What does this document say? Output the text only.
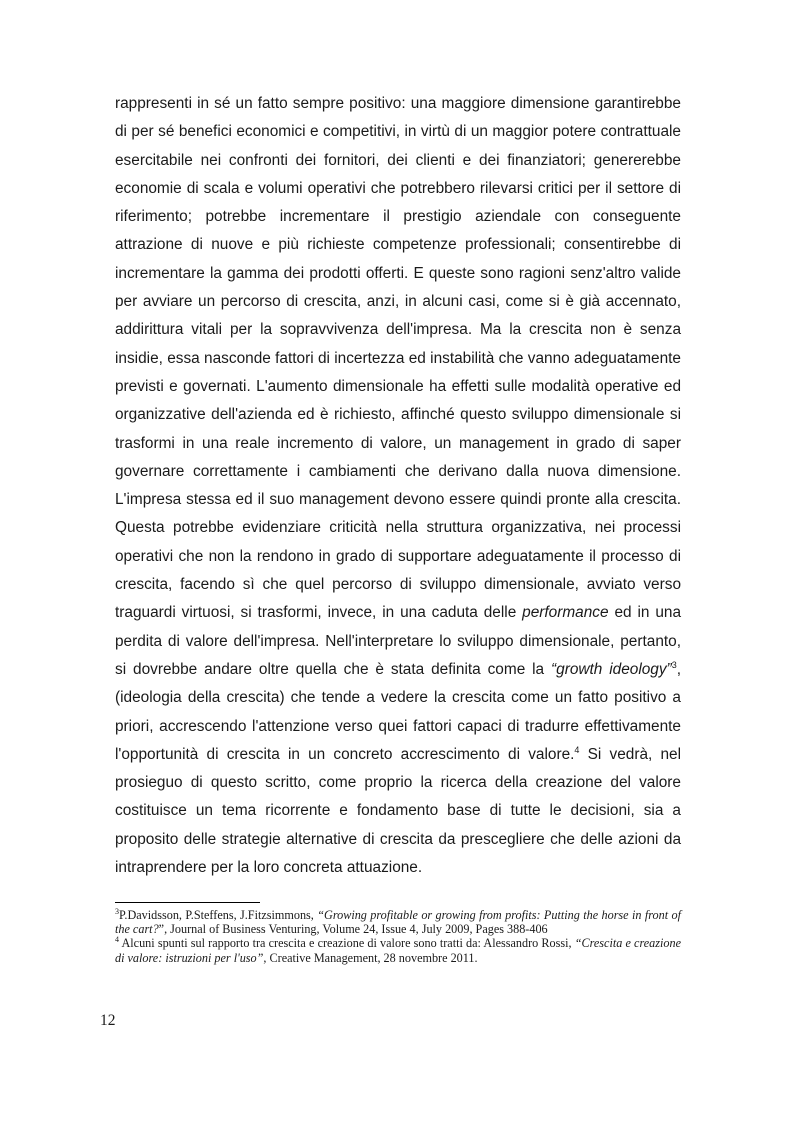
rappresenti in sé un fatto sempre positivo: una maggiore dimensione garantirebbe di per sé benefici economici e competitivi, in virtù di un maggior potere contrattuale esercitabile nei confronti dei fornitori, dei clienti e dei finanziatori; genererebbe economie di scala e volumi operativi che potrebbero rilevarsi critici per il settore di riferimento; potrebbe incrementare il prestigio aziendale con conseguente attrazione di nuove e più richieste competenze professionali; consentirebbe di incrementare la gamma dei prodotti offerti. E queste sono ragioni senz'altro valide per avviare un percorso di crescita, anzi, in alcuni casi, come si è già accennato, addirittura vitali per la sopravvivenza dell'impresa. Ma la crescita non è senza insidie, essa nasconde fattori di incertezza ed instabilità che vanno adeguatamente previsti e governati. L'aumento dimensionale ha effetti sulle modalità operative ed organizzative dell'azienda ed è richiesto, affinché questo sviluppo dimensionale si trasformi in una reale incremento di valore, un management in grado di saper governare correttamente i cambiamenti che derivano dalla nuova dimensione. L'impresa stessa ed il suo management devono essere quindi pronte alla crescita. Questa potrebbe evidenziare criticità nella struttura organizzativa, nei processi operativi che non la rendono in grado di supportare adeguatamente il processo di crescita, facendo sì che quel percorso di sviluppo dimensionale, avviato verso traguardi virtuosi, si trasformi, invece, in una caduta delle performance ed in una perdita di valore dell'impresa. Nell'interpretare lo sviluppo dimensionale, pertanto, si dovrebbe andare oltre quella che è stata definita come la “growth ideology”$^3$, (ideologia della crescita) che tende a vedere la crescita come un fatto positivo a priori, accrescendo l'attenzione verso quei fattori capaci di tradurre effettivamente l'opportunità di crescita in un concreto accrescimento di valore.$^4$ Si vedrà, nel prosieguo di questo scritto, come proprio la ricerca della creazione del valore costituisce un tema ricorrente e fondamento base di tutte le decisioni, sia a proposito delle strategie alternative di crescita da prescegliere che delle azioni da intraprendere per la loro concreta attuazione.

$^3$P.Davidsson, P.Steffens, J.Fitzsimmons, “Growing profitable or growing from profits: Putting the horse in front of the cart?”, Journal of Business Venturing, Volume 24, Issue 4, July 2009, Pages 388-406

$^4$ Alcuni spunti sul rapporto tra crescita e creazione di valore sono tratti da: Alessandro Rossi, “Crescita e creazione di valore: istruzioni per l'uso”, Creative Management, 28 novembre 2011.

12
